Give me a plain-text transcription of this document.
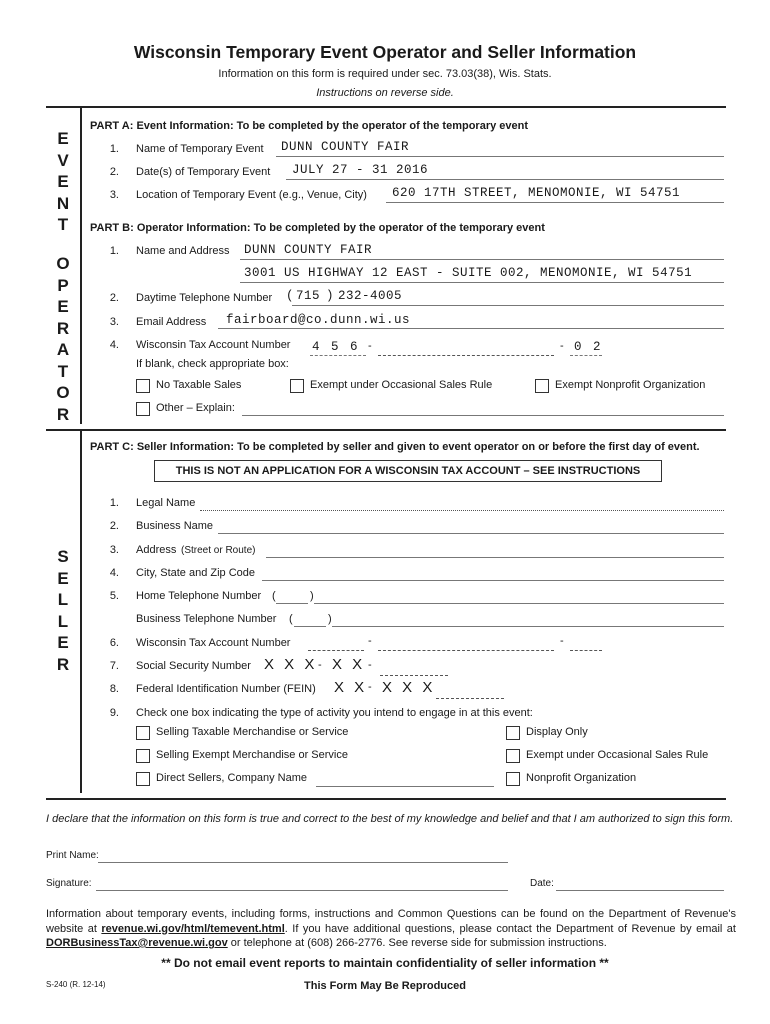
Wisconsin Temporary Event Operator and Seller Information
Information on this form is required under sec. 73.03(38), Wis. Stats.
Instructions on reverse side.
E
V
E
N
T
O
P
E
R
A
T
O
R
S
E
L
L
E
R
PART A: Event Information: To be completed by the operator of the temporary event
1. Name of Temporary Event DUNN COUNTY FAIR
2. Date(s) of Temporary Event JULY 27 - 31 2016
3. Location of Temporary Event (e.g., Venue, City) 620 17TH STREET, MENOMONIE, WI 54751
PART B: Operator Information: To be completed by the operator of the temporary event
1. Name and Address DUNN COUNTY FAIR
3001 US HIGHWAY 12 EAST - SUITE 002, MENOMONIE, WI 54751
2. Daytime Telephone Number ( 715 ) 232-4005
3. Email Address fairboard@co.dunn.wi.us
4. Wisconsin Tax Account Number 4 5 6 -	- 0 2
If blank, check appropriate box:
No Taxable Sales	Exempt under Occasional Sales Rule	Exempt Nonprofit Organization
Other – Explain:
PART C: Seller Information: To be completed by seller and given to event operator on or before the first day of event.
THIS IS NOT AN APPLICATION FOR A WISCONSIN TAX ACCOUNT – SEE INSTRUCTIONS
1. Legal Name
2. Business Name
3. Address (Street or Route)
4. City, State and Zip Code
5. Home Telephone Number (	)
Business Telephone Number (	)
6. Wisconsin Tax Account Number	-	-
7. Social Security Number X X X - X X -
8. Federal Identification Number (FEIN) X X - X X X
9. Check one box indicating the type of activity you intend to engage in at this event:
Selling Taxable Merchandise or Service	Display Only
Selling Exempt Merchandise or Service	Exempt under Occasional Sales Rule
Direct Sellers, Company Name	Nonprofit Organization
I declare that the information on this form is true and correct to the best of my knowledge and belief and that I am authorized to sign this form.
Print Name:
Signature:	Date:
Information about temporary events, including forms, instructions and Common Questions can be found on the Department of Revenue's website at revenue.wi.gov/html/temevent.html. If you have additional questions, please contact the Department of Revenue by email at DORBusinessTax@revenue.wi.gov or telephone at (608) 266-2776. See reverse side for submission instructions.
** Do not email event reports to maintain confidentiality of seller information **
S-240 (R. 12-14)	This Form May Be Reproduced
